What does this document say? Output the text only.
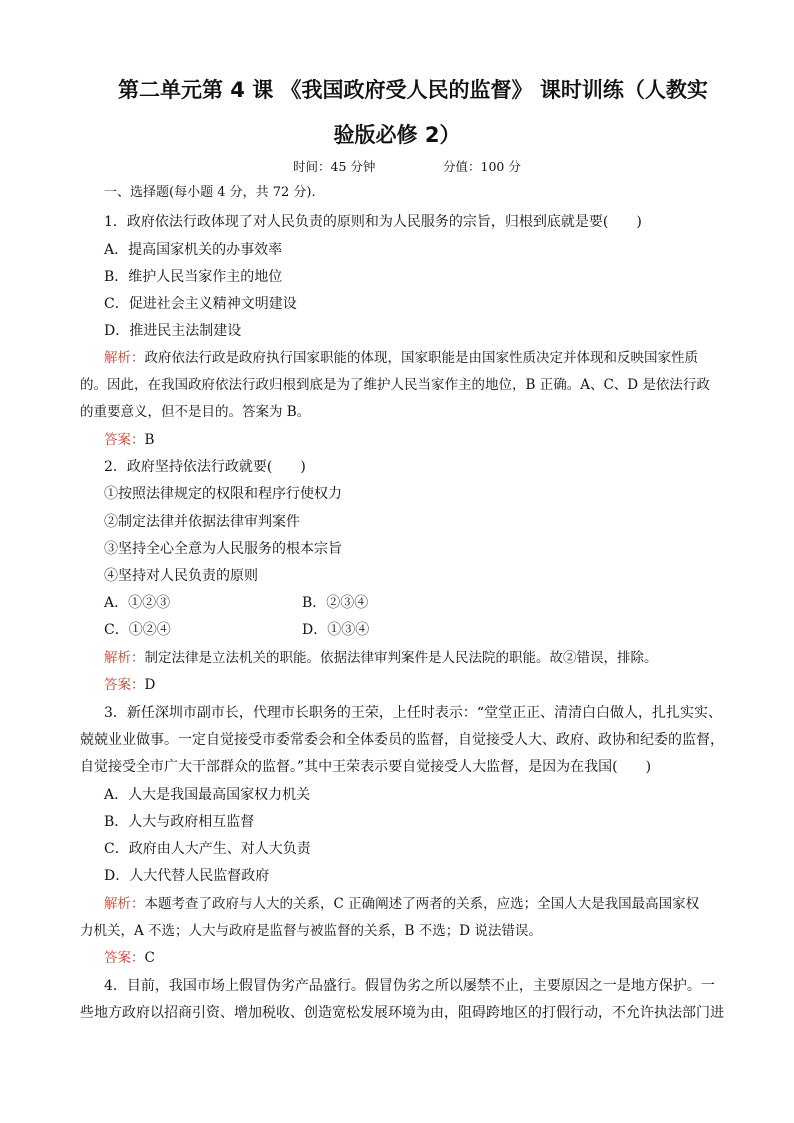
第二单元第 4 课 《我国政府受人民的监督》 课时训练（人教实
验版必修 2）
时间：45 分钟	分值：100 分
一、选择题(每小题 4 分，共 72 分).
1．政府依法行政体现了对人民负责的原则和为人民服务的宗旨，归根到底就是要(　　)
A．提高国家机关的办事效率
B．维护人民当家作主的地位
C．促进社会主义精神文明建设
D．推进民主法制建设
解析：政府依法行政是政府执行国家职能的体现，国家职能是由国家性质决定并体现和反映国家性质
的。因此，在我国政府依法行政归根到底是为了维护人民当家作主的地位，B 正确。A、C、D 是依法行政
的重要意义，但不是目的。答案为 B。
答案：B
2．政府坚持依法行政就要(　　)
①按照法律规定的权限和程序行使权力
②制定法律并依据法律审判案件
③坚持全心全意为人民服务的根本宗旨
④坚持对人民负责的原则
A．①②③	B．②③④
C．①②④	D．①③④
解析：制定法律是立法机关的职能。依据法律审判案件是人民法院的职能。故②错误，排除。
答案：D
3．新任深圳市副市长，代理市长职务的王荣，上任时表示：“堂堂正正、清清白白做人，扎扎实实、
兢兢业业做事。一定自觉接受市委常委会和全体委员的监督，自觉接受人大、政府、政协和纪委的监督，
自觉接受全市广大干部群众的监督。”其中王荣表示要自觉接受人大监督，是因为在我国(　　)
A．人大是我国最高国家权力机关
B．人大与政府相互监督
C．政府由人大产生、对人大负责
D．人大代替人民监督政府
解析：本题考查了政府与人大的关系，C 正确阐述了两者的关系，应选；全国人大是我国最高国家权
力机关，A 不选；人大与政府是监督与被监督的关系，B 不选；D 说法错误。
答案：C
4．目前，我国市场上假冒伪劣产品盛行。假冒伪劣之所以屡禁不止，主要原因之一是地方保护。一
些地方政府以招商引资、增加税收、创造宽松发展环境为由，阻碍跨地区的打假行动，不允许执法部门进
